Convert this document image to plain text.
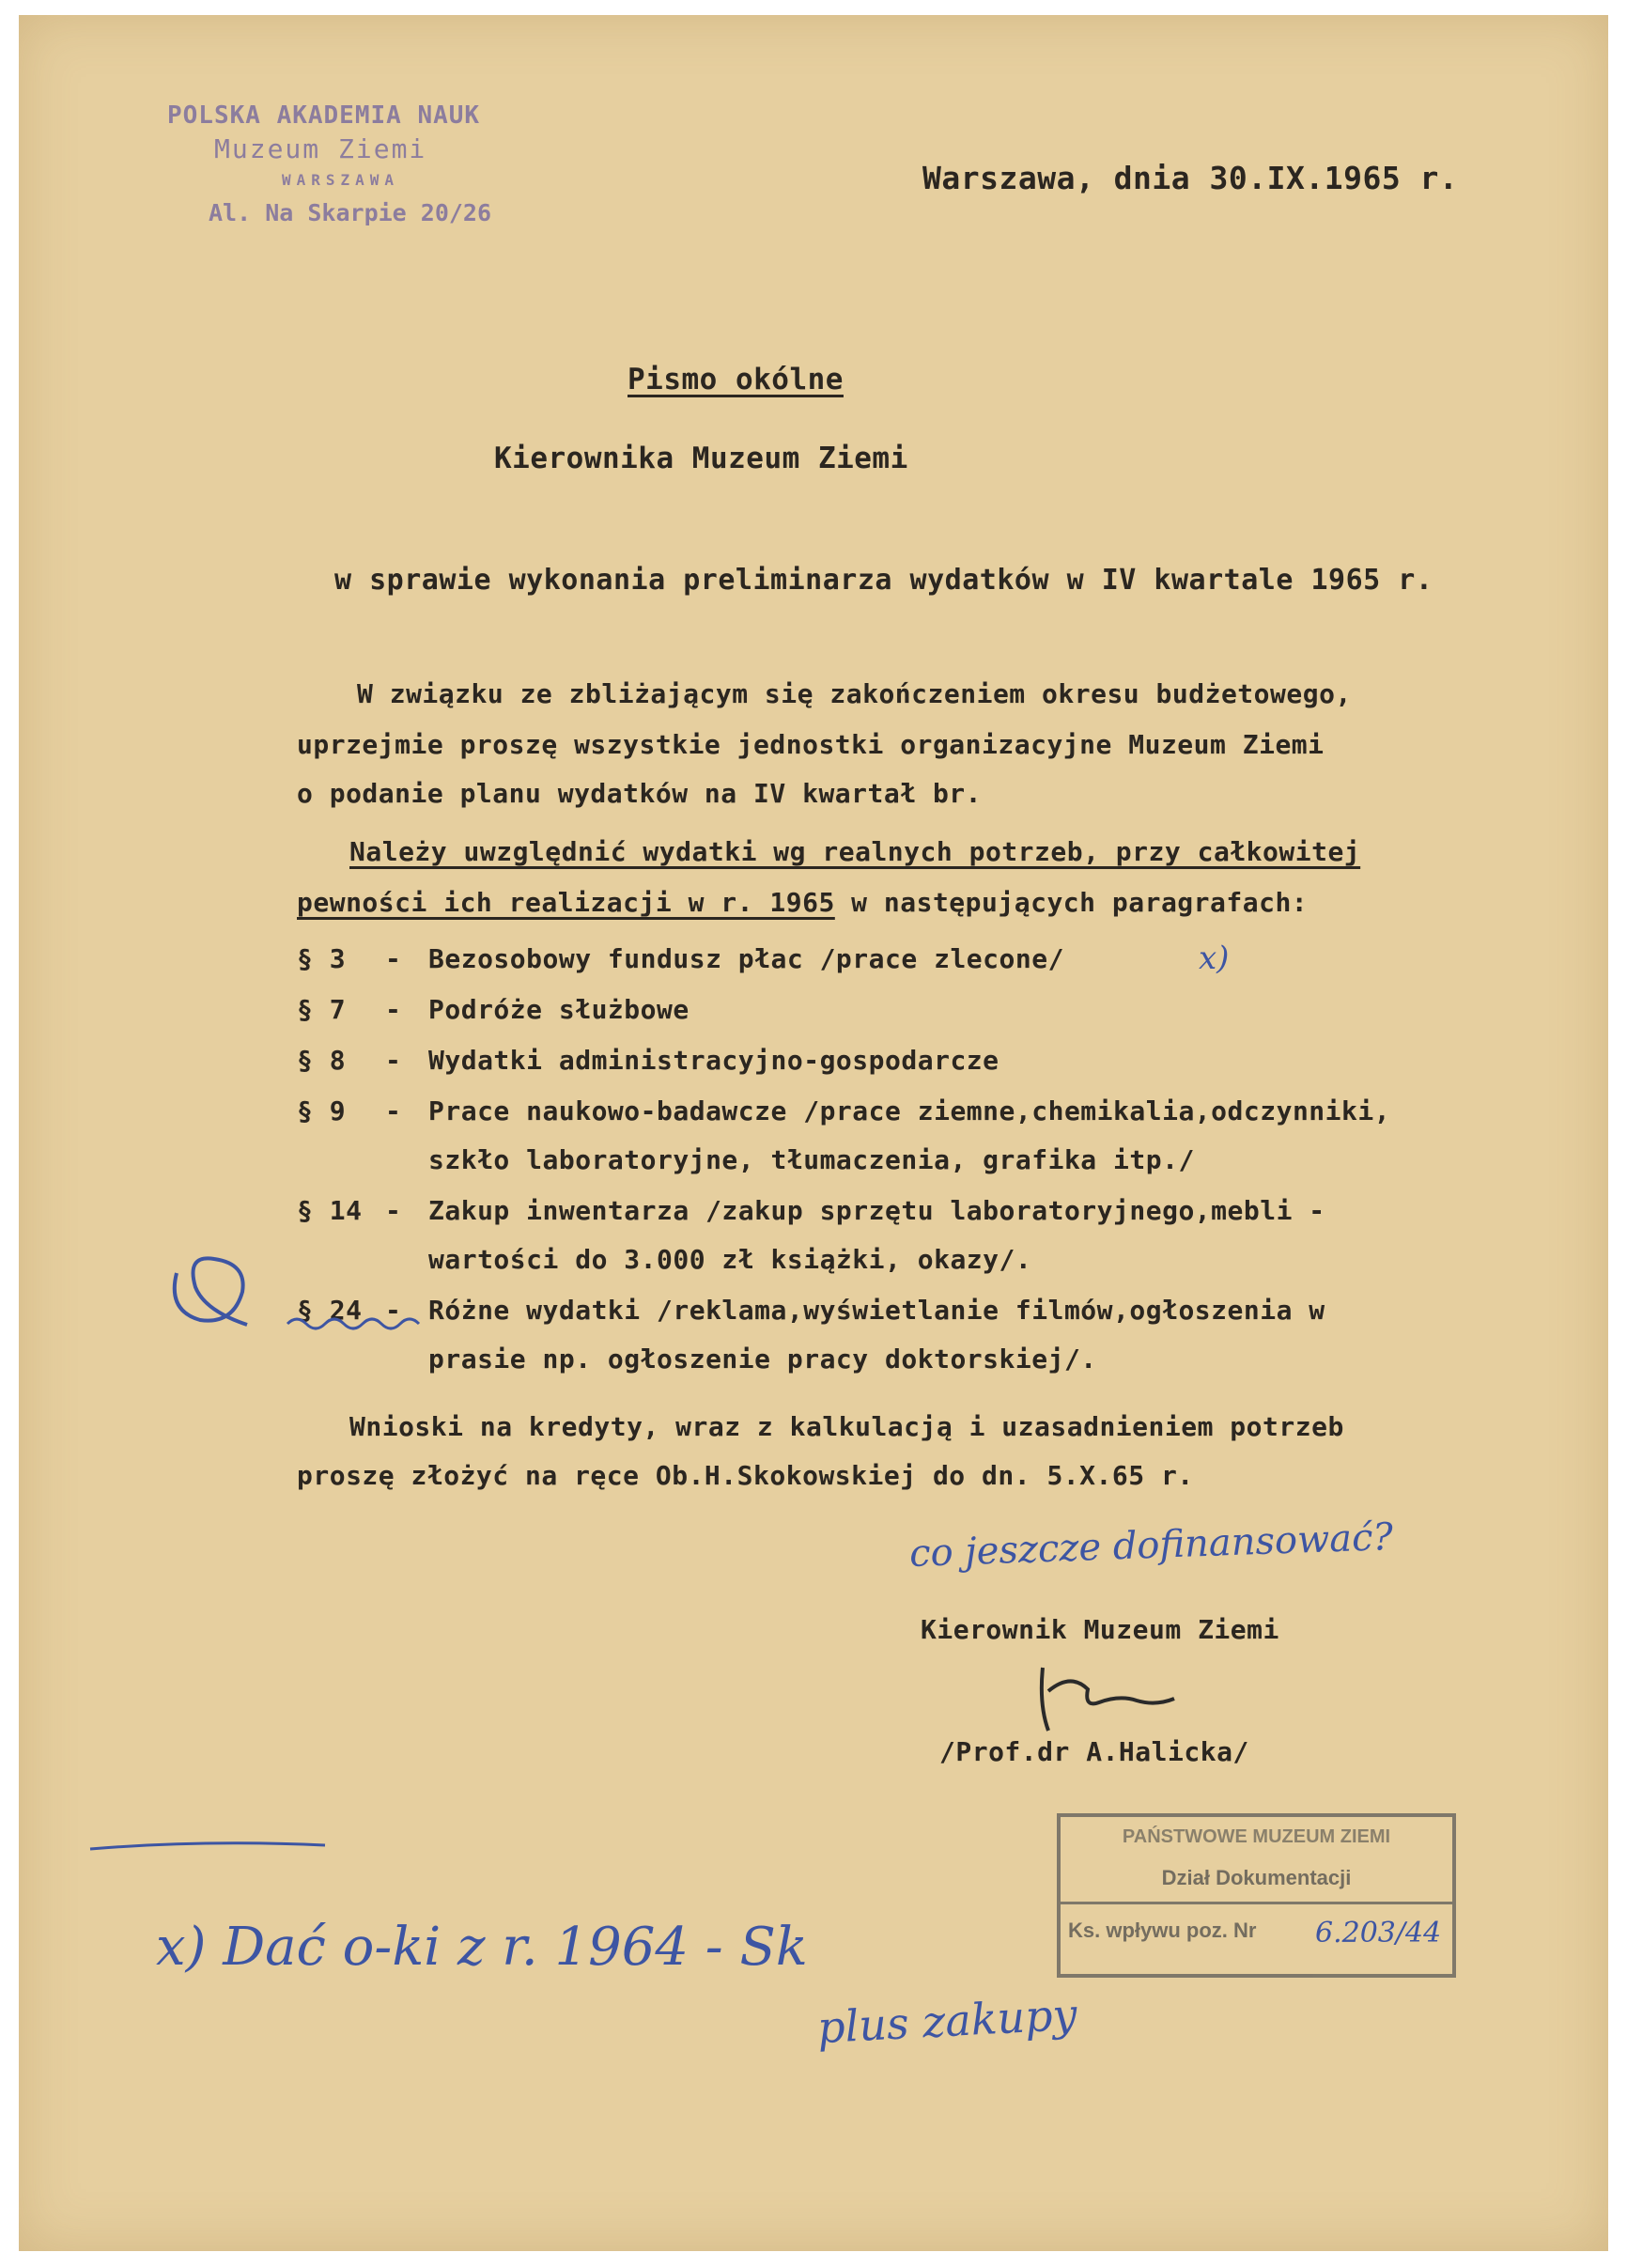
POLSKA AKADEMIA NAUK
Muzeum Ziemi
WARSZAWA
Al. Na Skarpie 20/26
Warszawa, dnia 30.IX.1965 r.
Pismo okólne
Kierownika Muzeum Ziemi
w sprawie wykonania preliminarza wydatków w IV kwartale 1965 r.
W związku ze zbliżającym się zakończeniem okresu budżetowego,
uprzejmie proszę wszystkie jednostki organizacyjne Muzeum Ziemi
o podanie planu wydatków na IV kwartał br.
Należy uwzględnić wydatki wg realnych potrzeb, przy całkowitej
pewności ich realizacji w r. 1965 w następujących paragrafach:
§ 3 - Bezosobowy fundusz płac /prace zlecone/
§ 7 - Podróże służbowe
§ 8 - Wydatki administracyjno-gospodarcze
§ 9 - Prace naukowo-badawcze /prace ziemne,chemikalia,odczynniki,
szkło laboratoryjne, tłumaczenia, grafika itp./
§ 14 - Zakup inwentarza /zakup sprzętu laboratoryjnego,mebli -
wartości do 3.000 zł książki, okazy/.
§ 24 - Różne wydatki /reklama,wyświetlanie filmów,ogłoszenia w
prasie np. ogłoszenie pracy doktorskiej/.
Wnioski na kredyty, wraz z kalkulacją i uzasadnieniem potrzeb
proszę złożyć na ręce Ob.H.Skokowskiej do dn. 5.X.65 r.
Kierownik Muzeum Ziemi
/Prof.dr A.Halicka/
co jeszcze dofinansować?
x)
x) Dać o-ki z r. 1964 - Sk
plus zakupy
PAŃSTWOWE MUZEUM ZIEMI
Dział Dokumentacji
Ks. wpływu poz. Nr	6.203/44
